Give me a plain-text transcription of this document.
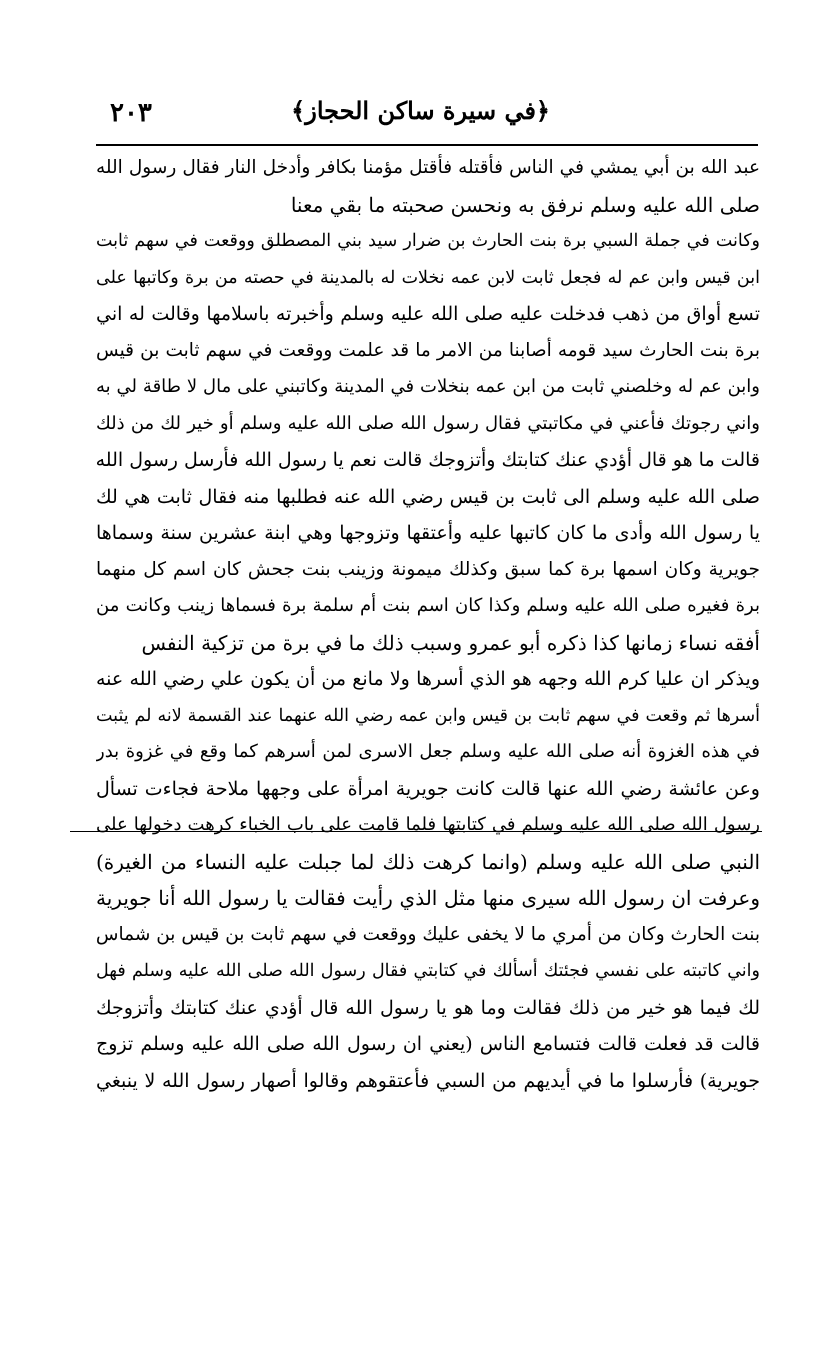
٢٠٣	﴿في سيرة ساكن الحجاز﴾
عبد الله بن أبي يمشي في الناس فأقتله فأقتل مؤمنا بكافر وأدخل النار فقال رسول الله
صلى الله عليه وسلم نرفق به ونحسن صحبته ما بقي معنا
وكانت في جملة السبي برة بنت الحارث بن ضرار سيد بني المصطلق ووقعت في سهم ثابت
ابن قيس وابن عم له فجعل ثابت لابن عمه نخلات له بالمدينة في حصته من برة وكاتبها على
تسع أواق من ذهب فدخلت عليه صلى الله عليه وسلم وأخبرته باسلامها وقالت له اني
برة بنت الحارث سيد قومه أصابنا من الامر ما قد علمت ووقعت في سهم ثابت بن قيس
وابن عم له وخلصني ثابت من ابن عمه بنخلات في المدينة وكاتبني على مال لا طاقة لي به
واني رجوتك فأعني في مكاتبتي فقال رسول الله صلى الله عليه وسلم أو خير لك من ذلك
قالت ما هو قال أؤدي عنك كتابتك وأتزوجك قالت نعم يا رسول الله فأرسل رسول الله
صلى الله عليه وسلم الى ثابت بن قيس رضي الله عنه فطلبها منه فقال ثابت هي لك
يا رسول الله وأدى ما كان كاتبها عليه وأعتقها وتزوجها وهي ابنة عشرين سنة وسماها
جويرية وكان اسمها برة كما سبق وكذلك ميمونة وزينب بنت جحش كان اسم كل منهما
برة فغيره صلى الله عليه وسلم وكذا كان اسم بنت أم سلمة برة فسماها زينب وكانت من
أفقه نساء زمانها كذا ذكره أبو عمرو وسبب ذلك ما في برة من تزكية النفس
ويذكر ان عليا كرم الله وجهه هو الذي أسرها ولا مانع من أن يكون علي رضي الله عنه
أسرها ثم وقعت في سهم ثابت بن قيس وابن عمه رضي الله عنهما عند القسمة لانه لم يثبت
في هذه الغزوة أنه صلى الله عليه وسلم جعل الاسرى لمن أسرهم كما وقع في غزوة بدر
وعن عائشة رضي الله عنها قالت كانت جويرية امرأة على وجهها ملاحة فجاءت تسأل
رسول الله صلى الله عليه وسلم في كتابتها فلما قامت على باب الخباء كرهت دخولها على
النبي صلى الله عليه وسلم (وانما كرهت ذلك لما جبلت عليه النساء من الغيرة)
وعرفت ان رسول الله سيرى منها مثل الذي رأيت فقالت يا رسول الله أنا جويرية
بنت الحارث وكان من أمري ما لا يخفى عليك ووقعت في سهم ثابت بن قيس بن شماس
واني كاتبته على نفسي فجئتك أسألك في كتابتي فقال رسول الله صلى الله عليه وسلم فهل
لك فيما هو خير من ذلك فقالت وما هو يا رسول الله قال أؤدي عنك كتابتك وأتزوجك
قالت قد فعلت قالت فتسامع الناس (يعني ان رسول الله صلى الله عليه وسلم تزوج
جويرية) فأرسلوا ما في أيديهم من السبي فأعتقوهم وقالوا أصهار رسول الله لا ينبغي
